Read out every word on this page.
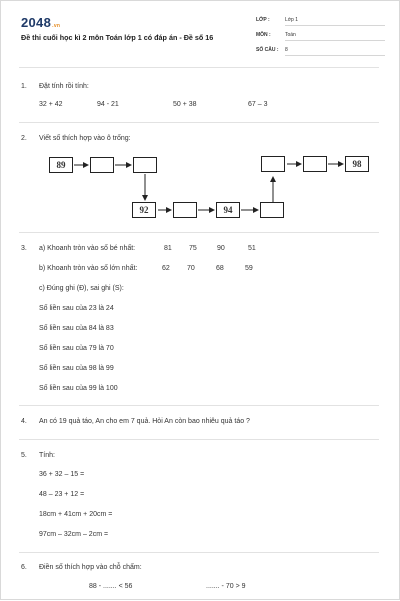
2048.vn
Đề thi cuối học kì 2 môn Toán lớp 1 có đáp án - Đề số 16
LỚP :	Lớp 1
MÔN :	Toán
SỐ CÂU :	8
1. Đặt tính rồi tính:
32 + 42	94 - 21	50 + 38	67 – 3
2. Viết số thích hợp vào ô trống:
89
92	94
98
3. a) Khoanh tròn vào số bé nhất:	81 75	90	51
b) Khoanh tròn vào số lớn nhất:	62 70	68	59
c) Đúng ghi (Đ), sai ghi (S):
Số liền sau của 23 là 24
Số liền sau của 84 là 83
Số liền sau của 79 là 70
Số liền sau của 98 là 99
Số liền sau của 99 là 100
4. An có 19 quả táo, An cho em 7 quả. Hỏi An còn bao nhiêu quả táo ?
5. Tính:
36 + 32 – 15 =
48 – 23 + 12 =
18cm + 41cm + 20cm =
97cm – 32cm – 2cm =
6. Điền số thích hợp vào chỗ chấm:
88 - ....... < 56	....... - 70 > 9
